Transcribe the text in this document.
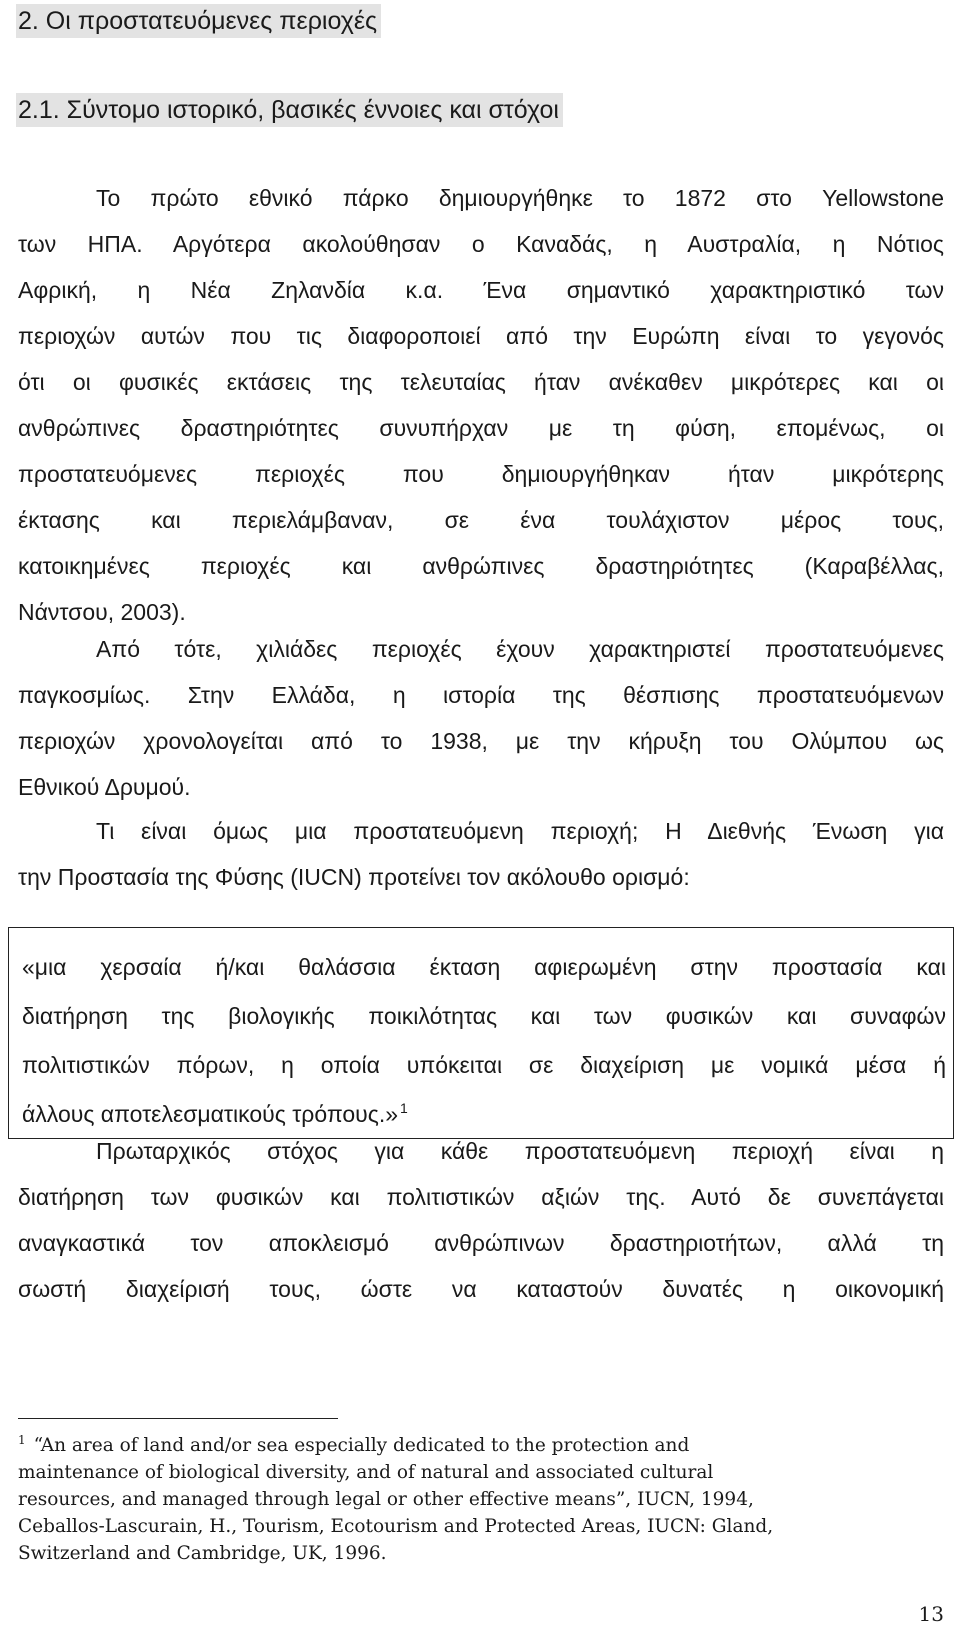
2. Οι προστατευόμενες περιοχές
2.1. Σύντομο ιστορικό, βασικές έννοιες και στόχοι
Το πρώτο εθνικό πάρκο δημιουργήθηκε το 1872 στο Yellowstone
των ΗΠΑ. Αργότερα ακολούθησαν ο Καναδάς, η Αυστραλία, η Νότιος
Αφρική, η Νέα Ζηλανδία κ.α. Ένα σημαντικό χαρακτηριστικό των
περιοχών αυτών που τις διαφοροποιεί από την Ευρώπη είναι το γεγονός
ότι οι φυσικές εκτάσεις της τελευταίας ήταν ανέκαθεν μικρότερες και οι
ανθρώπινες δραστηριότητες συνυπήρχαν με τη φύση, επομένως, οι
προστατευόμενες περιοχές που δημιουργήθηκαν ήταν μικρότερης
έκτασης και περιελάμβαναν, σε ένα τουλάχιστον μέρος τους,
κατοικημένες περιοχές και ανθρώπινες δραστηριότητες (Καραβέλλας,
Νάντσου, 2003).
Από τότε, χιλιάδες περιοχές έχουν χαρακτηριστεί προστατευόμενες
παγκοσμίως. Στην Ελλάδα, η ιστορία της θέσπισης προστατευόμενων
περιοχών χρονολογείται από το 1938, με την κήρυξη του Ολύμπου ως
Εθνικού Δρυμού.
Τι είναι όμως μια προστατευόμενη περιοχή; Η Διεθνής Ένωση για
την Προστασία της Φύσης (IUCN) προτείνει τον ακόλουθο ορισμό:
«μια χερσαία ή/και θαλάσσια έκταση αφιερωμένη στην προστασία και
διατήρηση της βιολογικής ποικιλότητας και των φυσικών και συναφών
πολιτιστικών πόρων, η οποία υπόκειται σε διαχείριση με νομικά μέσα ή
άλλους αποτελεσματικούς τρόπους.» $^1$
Πρωταρχικός στόχος για κάθε προστατευόμενη περιοχή είναι η
διατήρηση των φυσικών και πολιτιστικών αξιών της. Αυτό δε συνεπάγεται
αναγκαστικά τον αποκλεισμό ανθρώπινων δραστηριοτήτων, αλλά τη
σωστή διαχείρισή τους, ώστε να καταστούν δυνατές η οικονομική
$^1$ “An area of land and/or sea especially dedicated to the protection and
maintenance of biological diversity, and of natural and associated cultural
resources, and managed through legal or other effective means”, IUCN, 1994,
Ceballos-Lascurain, H., Tourism, Ecotourism and Protected Areas, IUCN: Gland,
Switzerland and Cambridge, UK, 1996.
13
